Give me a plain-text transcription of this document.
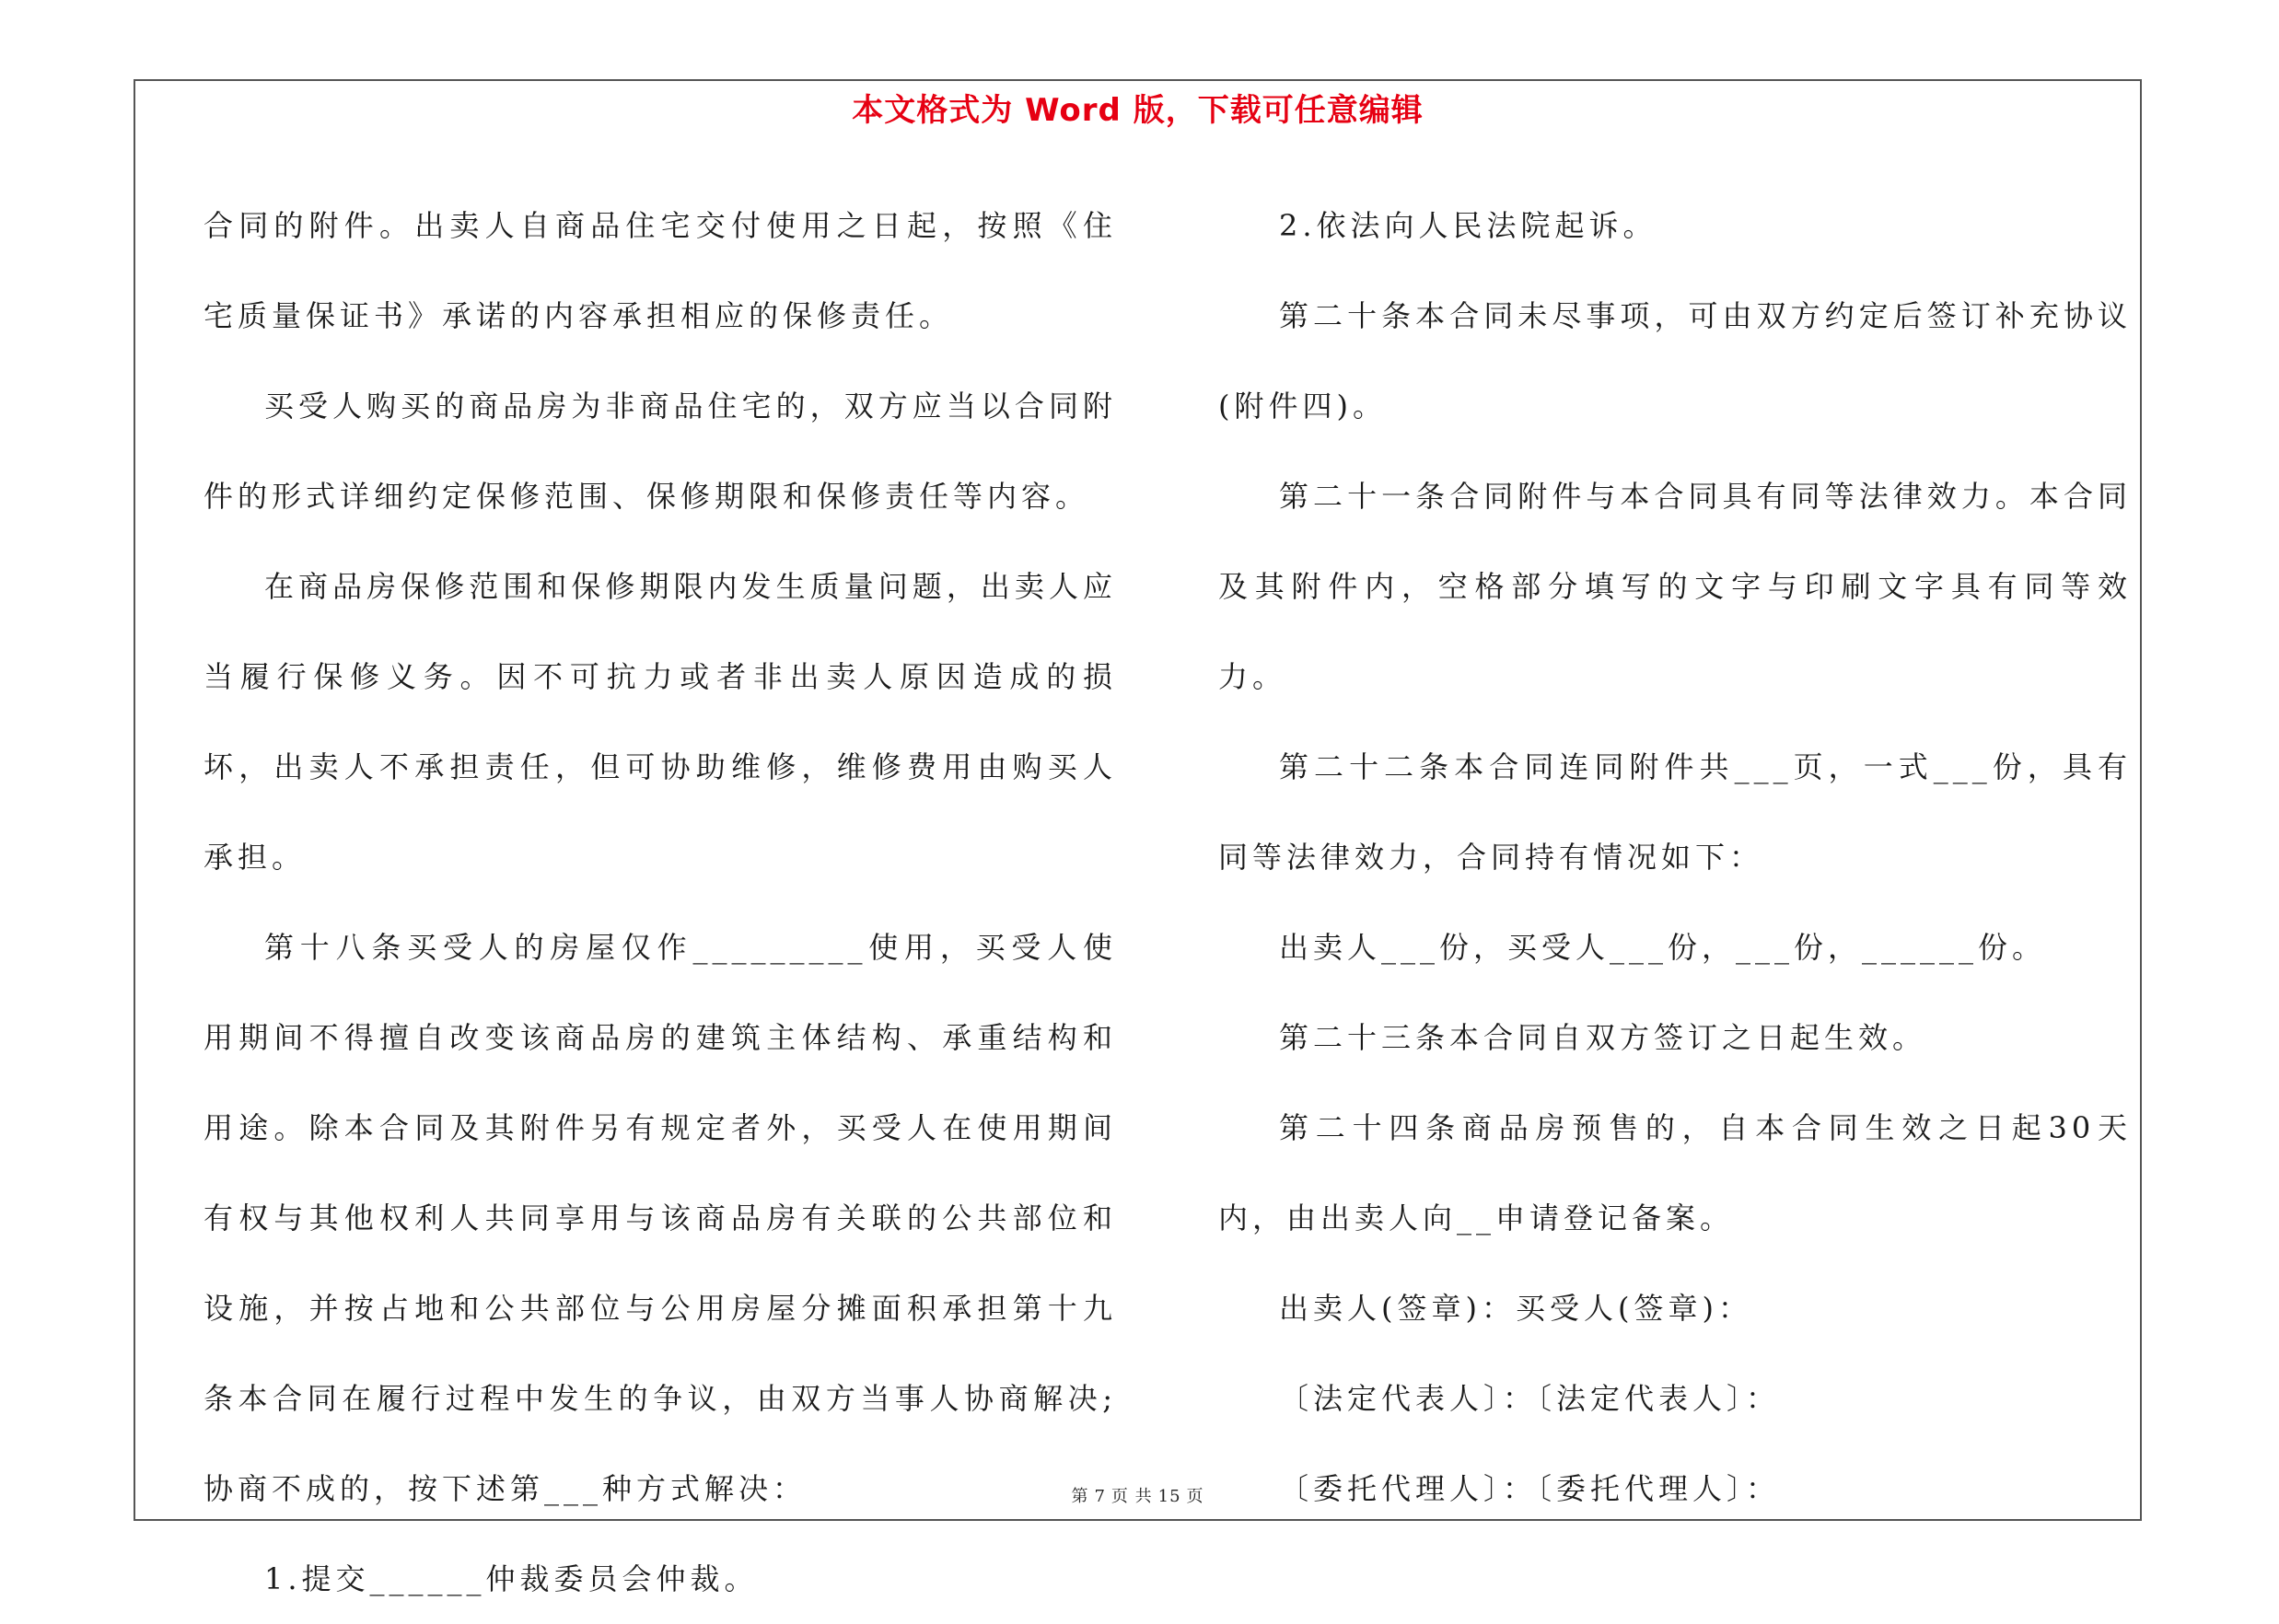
本文格式为 Word 版，下载可任意编辑

合同的附件。出卖人自商品住宅交付使用之日起，按照《住宅质量保证书》承诺的内容承担相应的保修责任。

买受人购买的商品房为非商品住宅的，双方应当以合同附件的形式详细约定保修范围、保修期限和保修责任等内容。

在商品房保修范围和保修期限内发生质量问题，出卖人应当履行保修义务。因不可抗力或者非出卖人原因造成的损坏，出卖人不承担责任，但可协助维修，维修费用由购买人承担。

第十八条买受人的房屋仅作_________使用，买受人使用期间不得擅自改变该商品房的建筑主体结构、承重结构和用途。除本合同及其附件另有规定者外，买受人在使用期间有权与其他权利人共同享用与该商品房有关联的公共部位和设施，并按占地和公共部位与公用房屋分摊面积承担第十九条本合同在履行过程中发生的争议，由双方当事人协商解决;协商不成的，按下述第___种方式解决：

1.提交______仲裁委员会仲裁。

2.依法向人民法院起诉。

第二十条本合同未尽事项，可由双方约定后签订补充协议(附件四)。

第二十一条合同附件与本合同具有同等法律效力。本合同及其附件内，空格部分填写的文字与印刷文字具有同等效力。

第二十二条本合同连同附件共___页，一式___份，具有同等法律效力，合同持有情况如下：

出卖人___份，买受人___份，___份，______份。

第二十三条本合同自双方签订之日起生效。

第二十四条商品房预售的，自本合同生效之日起30天内，由出卖人向__申请登记备案。

出卖人(签章)：买受人(签章)：

〔法定代表人〕：〔法定代表人〕：

〔委托代理人〕：〔委托代理人〕：

第 7 页 共 15 页
